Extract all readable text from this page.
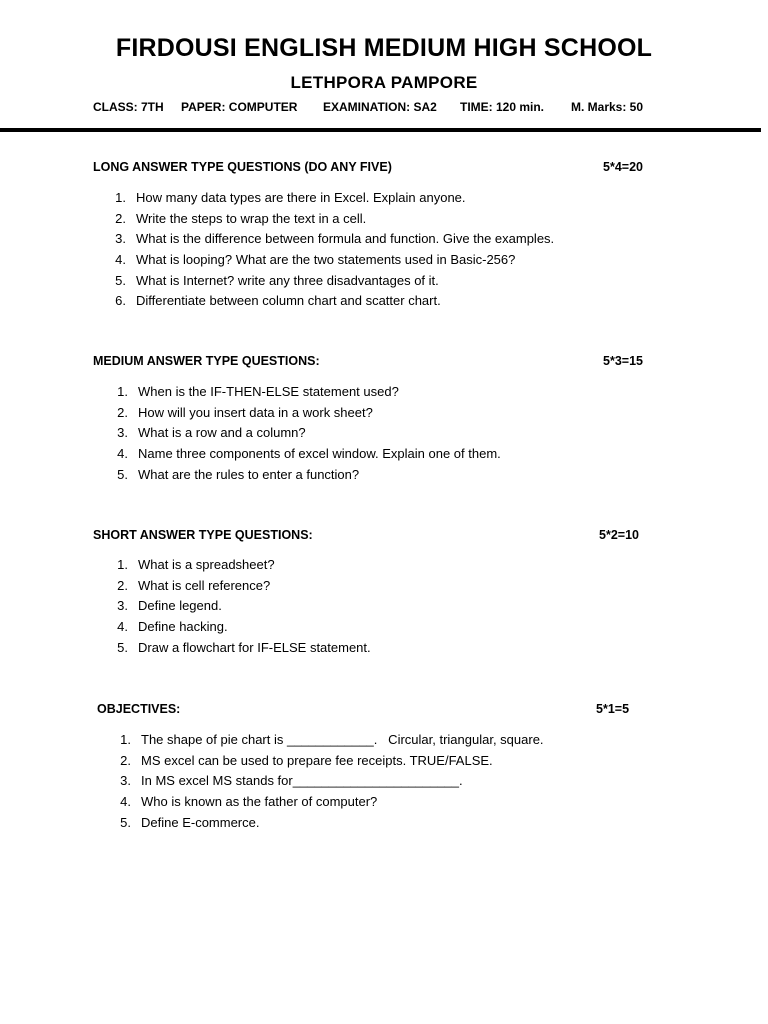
FIRDOUSI ENGLISH MEDIUM HIGH SCHOOL
LETHPORA PAMPORE
CLASS: 7TH PAPER: COMPUTER EXAMINATION: SA2 TIME: 120 min. M. Marks: 50
LONG ANSWER TYPE QUESTIONS (DO ANY FIVE)	5*4=20
1. How many data types are there in Excel. Explain anyone.
2. Write the steps to wrap the text in a cell.
3. What is the difference between formula and function. Give the examples.
4. What is looping? What are the two statements used in Basic-256?
5. What is Internet? write any three disadvantages of it.
6. Differentiate between column chart and scatter chart.
MEDIUM ANSWER TYPE QUESTIONS:	5*3=15
1. When is the IF-THEN-ELSE statement used?
2. How will you insert data in a work sheet?
3. What is a row and a column?
4. Name three components of excel window. Explain one of them.
5. What are the rules to enter a function?
SHORT ANSWER TYPE QUESTIONS:	5*2=10
1. What is a spreadsheet?
2. What is cell reference?
3. Define legend.
4. Define hacking.
5. Draw a flowchart for IF-ELSE statement.
OBJECTIVES:	5*1=5
1. The shape of pie chart is ____________.   Circular, triangular, square.
2. MS excel can be used to prepare fee receipts. TRUE/FALSE.
3. In MS excel MS stands for_______________________.
4. Who is known as the father of computer?
5. Define E-commerce.
